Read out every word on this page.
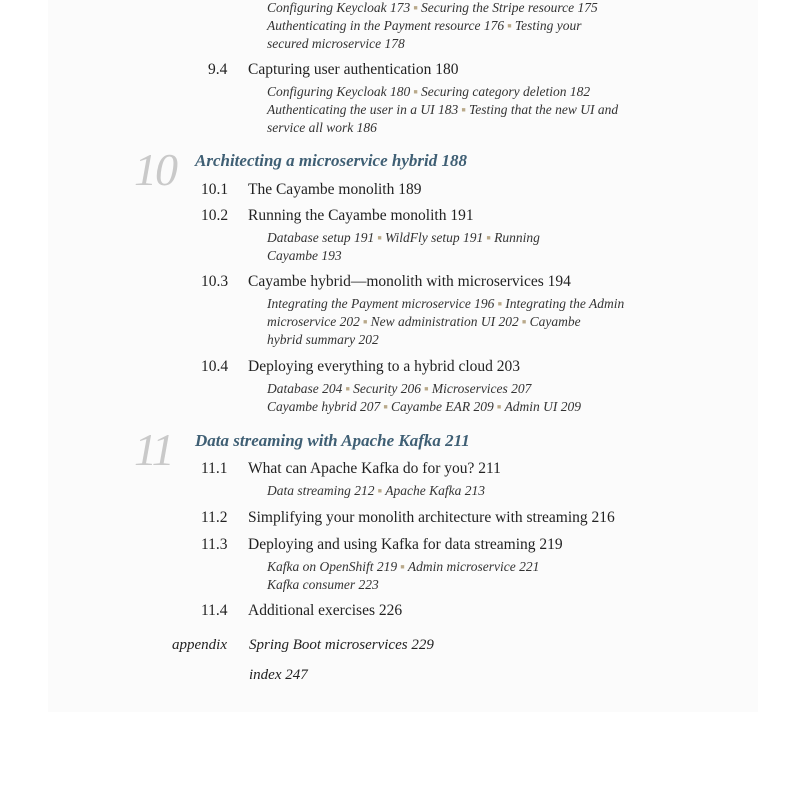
Configuring Keycloak 173 ▪ Securing the Stripe resource 175
Authenticating in the Payment resource 176 ▪ Testing your
secured microservice 178
9.4 Capturing user authentication 180
Configuring Keycloak 180 ▪ Securing category deletion 182
Authenticating the user in a UI 183 ▪ Testing that the new UI and
service all work 186
10 Architecting a microservice hybrid 188
10.1 The Cayambe monolith 189
10.2 Running the Cayambe monolith 191
Database setup 191 ▪ WildFly setup 191 ▪ Running
Cayambe 193
10.3 Cayambe hybrid—monolith with microservices 194
Integrating the Payment microservice 196 ▪ Integrating the Admin
microservice 202 ▪ New administration UI 202 ▪ Cayambe
hybrid summary 202
10.4 Deploying everything to a hybrid cloud 203
Database 204 ▪ Security 206 ▪ Microservices 207
Cayambe hybrid 207 ▪ Cayambe EAR 209 ▪ Admin UI 209
11 Data streaming with Apache Kafka 211
11.1 What can Apache Kafka do for you? 211
Data streaming 212 ▪ Apache Kafka 213
11.2 Simplifying your monolith architecture with streaming 216
11.3 Deploying and using Kafka for data streaming 219
Kafka on OpenShift 219 ▪ Admin microservice 221
Kafka consumer 223
11.4 Additional exercises 226
appendix Spring Boot microservices 229
index 247
